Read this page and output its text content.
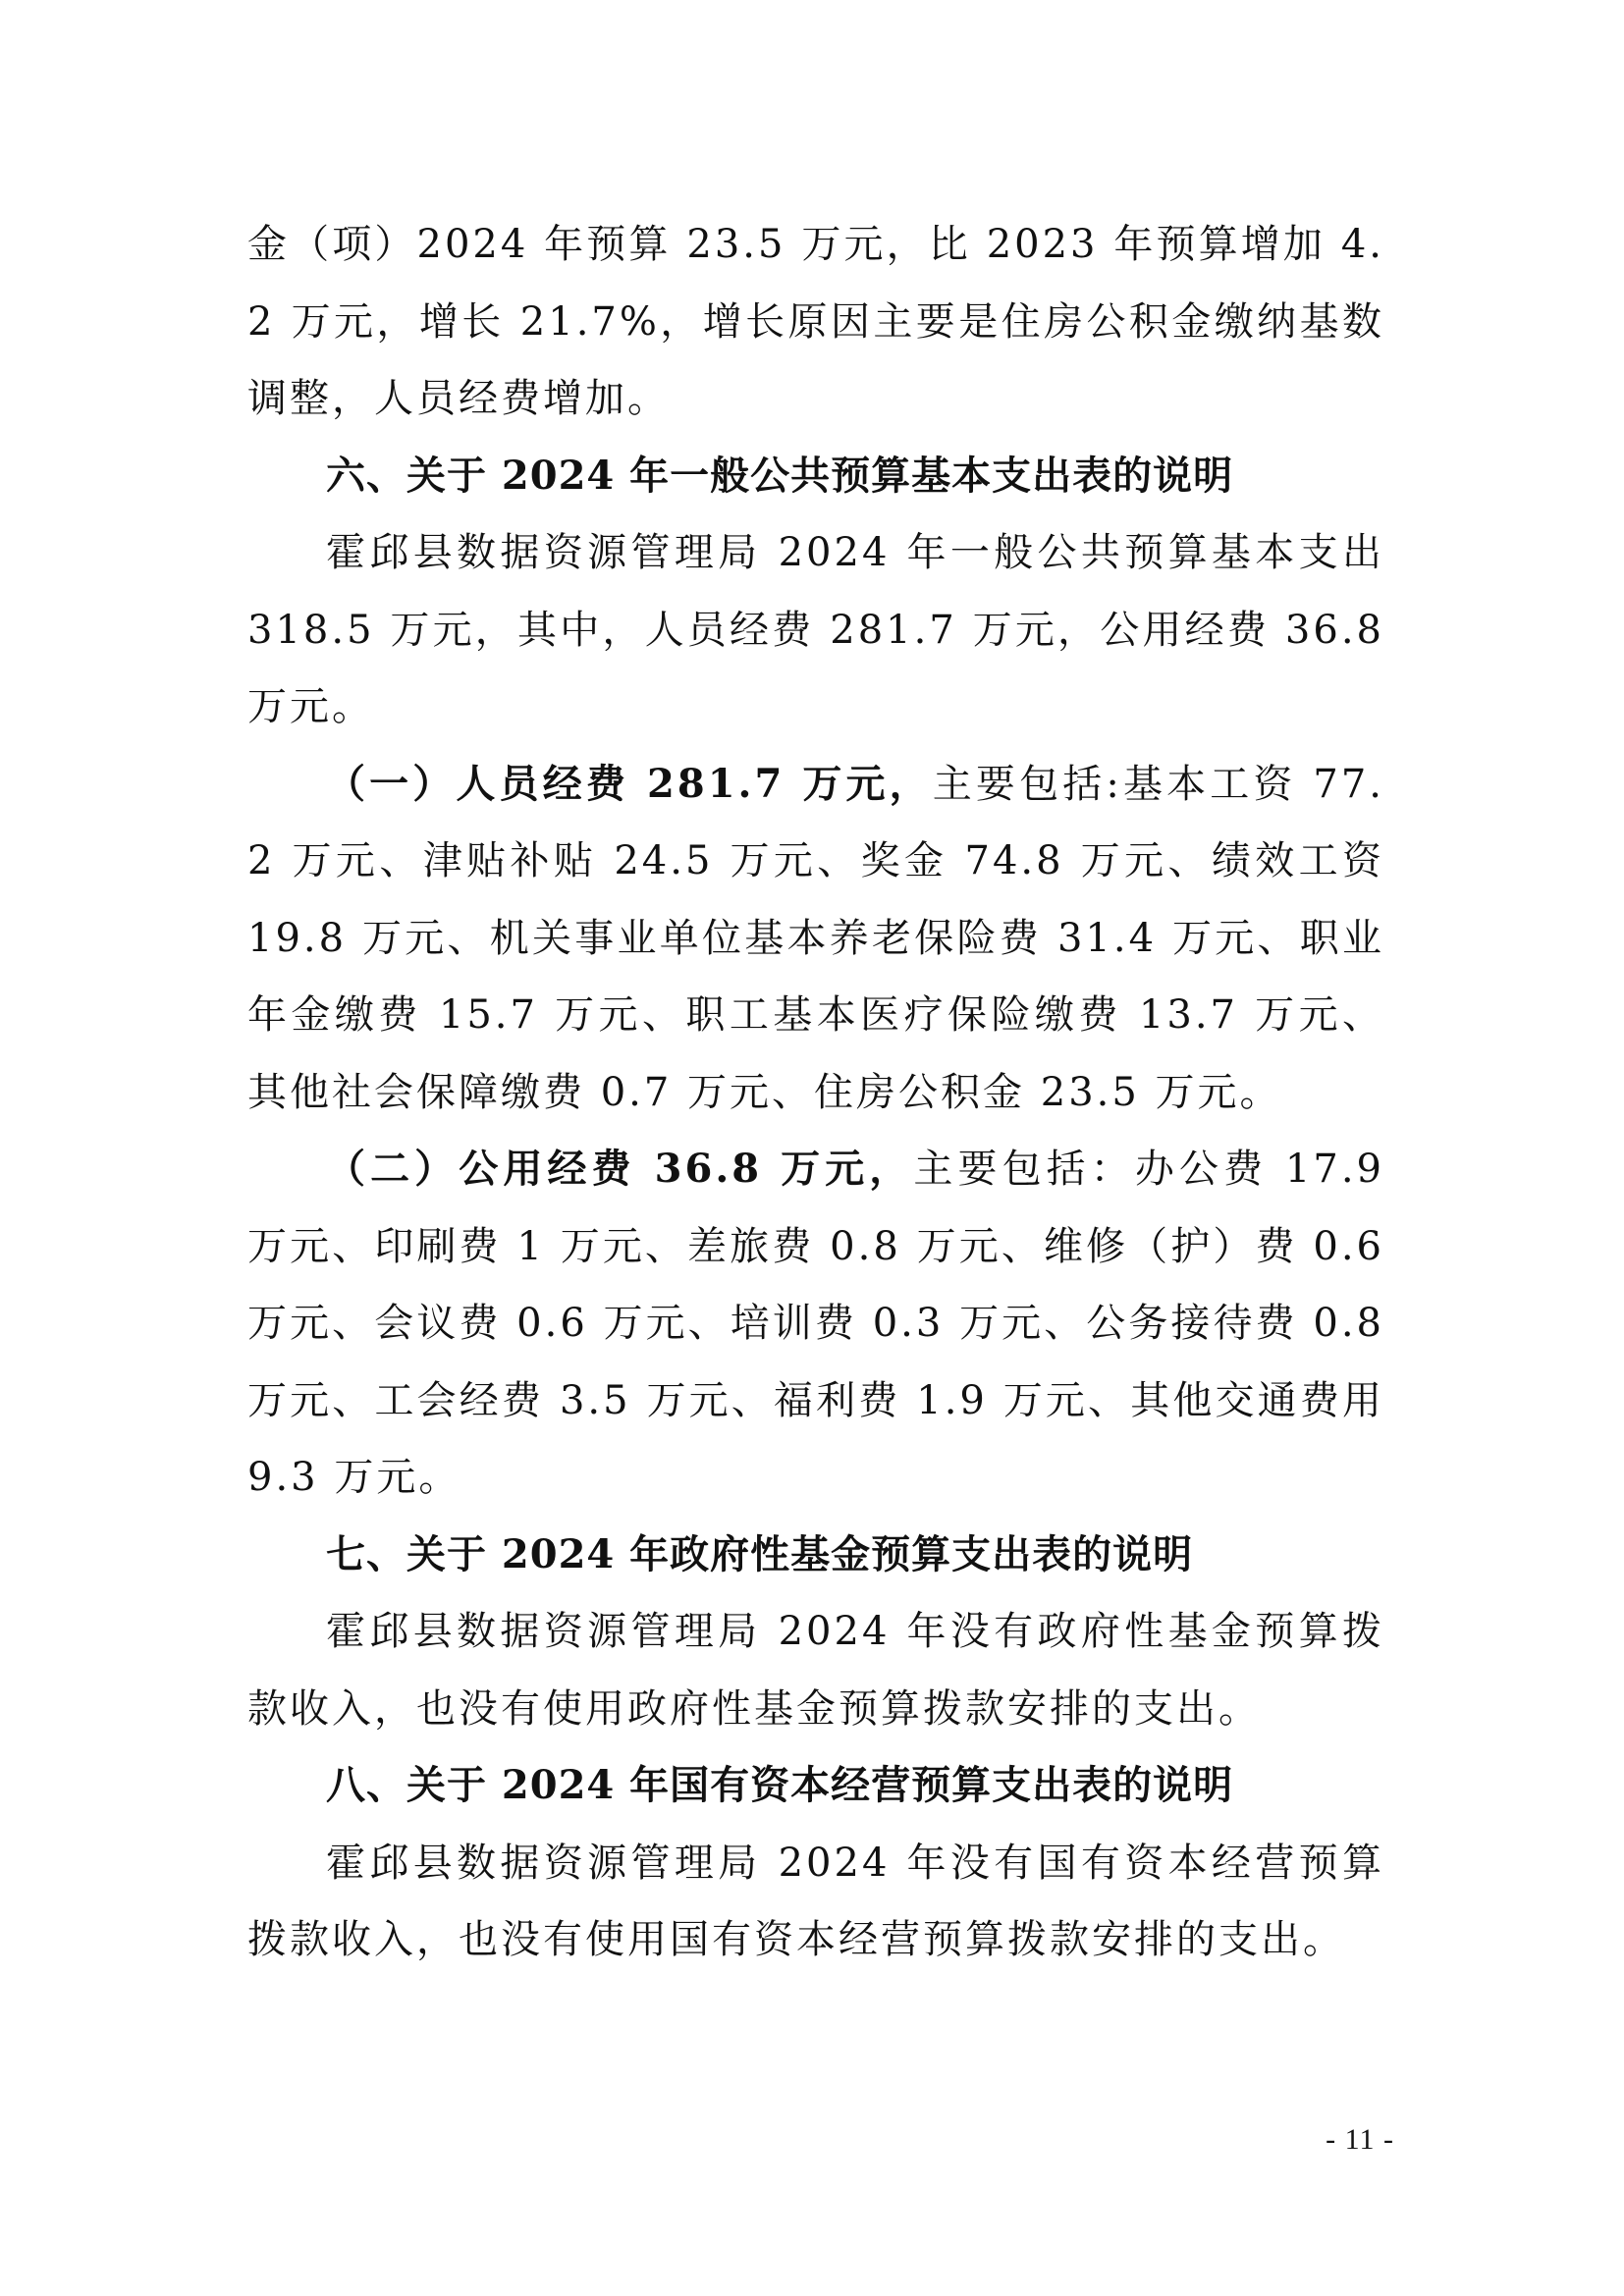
金（项）2024 年预算 23.5 万元，比 2023 年预算增加 4.2 万元，增长 21.7%，增长原因主要是住房公积金缴纳基数调整，人员经费增加。

六、关于 2024 年一般公共预算基本支出表的说明

霍邱县数据资源管理局 2024 年一般公共预算基本支出 318.5 万元，其中，人员经费 281.7 万元，公用经费 36.8 万元。

（一）人员经费 281.7 万元，主要包括:基本工资 77.2 万元、津贴补贴 24.5 万元、奖金 74.8 万元、绩效工资 19.8 万元、机关事业单位基本养老保险费 31.4 万元、职业年金缴费 15.7 万元、职工基本医疗保险缴费 13.7 万元、其他社会保障缴费 0.7 万元、住房公积金 23.5 万元。

（二）公用经费 36.8 万元，主要包括：办公费 17.9 万元、印刷费 1 万元、差旅费 0.8 万元、维修（护）费 0.6 万元、会议费 0.6 万元、培训费 0.3 万元、公务接待费 0.8 万元、工会经费 3.5 万元、福利费 1.9 万元、其他交通费用 9.3 万元。

七、关于 2024 年政府性基金预算支出表的说明

霍邱县数据资源管理局 2024 年没有政府性基金预算拨款收入，也没有使用政府性基金预算拨款安排的支出。

八、关于 2024 年国有资本经营预算支出表的说明

霍邱县数据资源管理局 2024 年没有国有资本经营预算拨款收入，也没有使用国有资本经营预算拨款安排的支出。

- 11 -
